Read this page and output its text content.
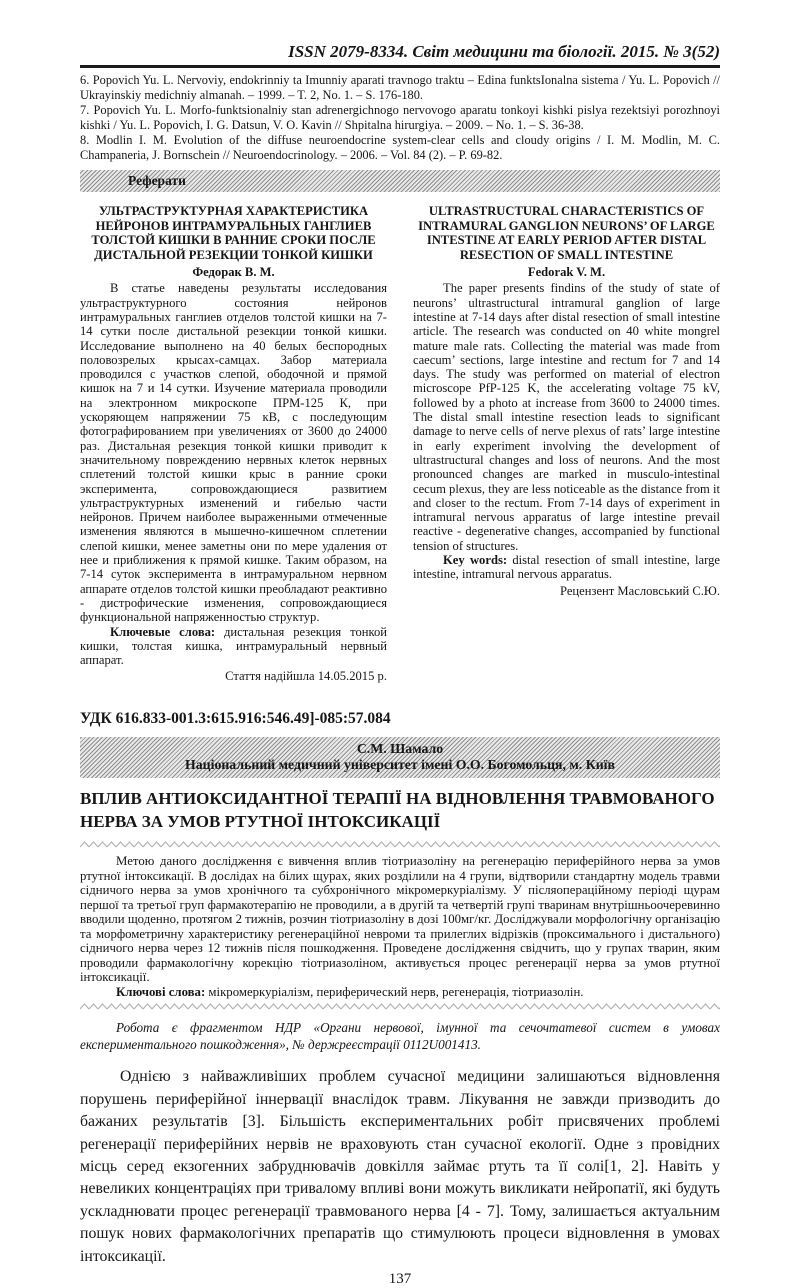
ISSN 2079-8334. Світ медицини та біології. 2015. № 3(52)

6. Popovich Yu. L. Nervoviy, endokrinniy ta Imunniy aparati travnogo traktu – Edina funktsIonalna sistema / Yu. L. Popovich // Ukrayinskiy medichniy almanah. – 1999. – T. 2, No. 1. – S. 176-180.

7. Popovich Yu. L. Morfo-funktsionalniy stan adrenergichnogo nervovogo aparatu tonkoyi kishki pislya rezektsiyi porozhnoyi kishki / Yu. L. Popovich, I. G. Datsun, V. O. Kavin // Shpitalna hirurgiya. – 2009. – No. 1. – S. 36-38.

8. Modlin I. M. Evolution of the diffuse neuroendocrine system-clear cells and cloudy origins / I. M. Modlin, M. C. Champaneria, J. Bornschein // Neuroendocrinology. – 2006. – Vol. 84 (2). – P. 69-82.

Реферати

УЛЬТРАСТРУКТУРНАЯ ХАРАКТЕРИСТИКА НЕЙРОНОВ ИНТРАМУРАЛЬНЫХ ГАНГЛИЕВ ТОЛСТОЙ КИШКИ В РАННИЕ СРОКИ ПОСЛЕ ДИСТАЛЬНОЙ РЕЗЕКЦИИ ТОНКОЙ КИШКИ

Федорак В. М.

В статье наведены результаты исследования ультраструктурного состояния нейронов интрамуральных ганглиев отделов толстой кишки на 7-14 сутки после дистальной резекции тонкой кишки. Исследование выполнено на 40 белых беспородных половозрелых крысах-самцах. Забор материала проводился с участков слепой, ободочной и прямой кишок на 7 и 14 сутки. Изучение материала проводили на электронном микроскопе ПРМ-125 К, при ускоряющем напряжении 75 кВ, с последующим фотографированием при увеличениях от 3600 до 24000 раз. Дистальная резекция тонкой кишки приводит к значительному повреждению нервных клеток нервных сплетений толстой кишки крыс в ранние сроки эксперимента, сопровождающиеся развитием ультраструктурных изменений и гибелью части нейронов. Причем наиболее выраженными отмеченные изменения являются в мышечно-кишечном сплетении слепой кишки, менее заметны они по мере удаления от нее и приближения к прямой кишке. Таким образом, на 7-14 суток эксперимента в интрамуральном нервном аппарате отделов толстой кишки преобладают реактивно - дистрофические изменения, сопровождающиеся функциональной напряженностью структур.

Ключевые слова: дистальная резекция тонкой кишки, толстая кишка, интрамуральный нервный аппарат.

Стаття надійшла 14.05.2015 р.

ULTRASTRUCTURAL CHARACTERISTICS OF INTRAMURAL GANGLION NEURONS’ OF LARGE INTESTINE AT EARLY PERIOD AFTER DISTAL RESECTION OF SMALL INTESTINE

Fedorak V. M.

The paper presents findins of the study of state of neurons’ ultrastructural intramural ganglion of large intestine at 7-14 days after distal resection of small intestine article. The research was conducted on 40 white mongrel mature male rats. Collecting the material was made from caecum’ sections, large intestine and rectum for 7 and 14 days. The study was performed on material of electron microscope PfP-125 K, the accelerating voltage 75 kV, followed by a photo at increase from 3600 to 24000 times. The distal small intestine resection leads to significant damage to nerve cells of nerve plexus of rats’ large intestine in early experiment involving the development of ultrastructural changes and loss of neurons. And the most pronounced changes are marked in musculo-intestinal cecum plexus, they are less noticeable as the distance from it and closer to the rectum. From 7-14 days of experiment in intramural nervous apparatus of large intestine prevail reactive - degenerative changes, accompanied by functional tension of structures.

Key words: distal resection of small intestine, large intestine, intramural nervous apparatus.

Рецензент Масловський С.Ю.

УДК 616.833-001.3:615.916:546.49]-085:57.084

С.М. Шамало
Національний медичний університет імені О.О. Богомольця, м. Київ
ВПЛИВ АНТИОКСИДАНТНОЇ ТЕРАПІЇ НА ВІДНОВЛЕННЯ ТРАВМОВАНОГО НЕРВА ЗА УМОВ РТУТНОЇ ІНТОКСИКАЦІЇ

Метою даного дослідження є вивчення вплив тіотриазоліну на регенерацію периферійного нерва за умов ртутної інтоксикації. В дослідах на білих щурах, яких розділили на 4 групи, відтворили стандартну модель травми сідничого нерва за умов хронічного та субхронічного мікромеркуріалізму. У післяопераційному періоді щурам першої та третьої груп фармакотерапію не проводили, а в другій та четвертій групі тваринам внутрішньоочеревинно вводили щоденно, протягом 2 тижнів, розчин тіотриазоліну в дозі 100мг/кг. Досліджували морфологічну організацію та морфометричну характеристику регенераційної невроми та прилеглих відрізків (проксимального і дистального) сідничого нерва через 12 тижнів після пошкодження. Проведене дослідження свідчить, що у групах тварин, яким проводили фармакологічну корекцію тіотриазоліном, активується процес регенерації нерва за умов ртутної інтоксикації.

Ключові слова: мікромеркуріалізм, периферический нерв, регенерація, тіотриазолін.

Робота є фрагментом НДР «Органи нервової, імунної та сечочтатевої систем в умовах експериментального пошкодження», № держреєстрації 0112U001413.

Однією з найважливіших проблем сучасної медицини залишаються відновлення порушень периферійної іннервації внаслідок травм. Лікування не завжди призводить до бажаних результатів [3]. Більшість експериментальних робіт присвячених проблемі регенерації периферійних нервів не враховують стан сучасної екології. Одне з провідних місць серед екзогенних забруднювачів довкілля займає ртуть та її солі[1, 2]. Навіть у невеликих концентраціях при тривалому впливі вони можуть викликати нейропатії, які будуть ускладнювати процес регенерації травмованого нерва [4 - 7]. Тому, залишається актуальним пошук нових фармакологічних препаратів що стимулюють процеси відновлення в умовах інтоксикації.

137
